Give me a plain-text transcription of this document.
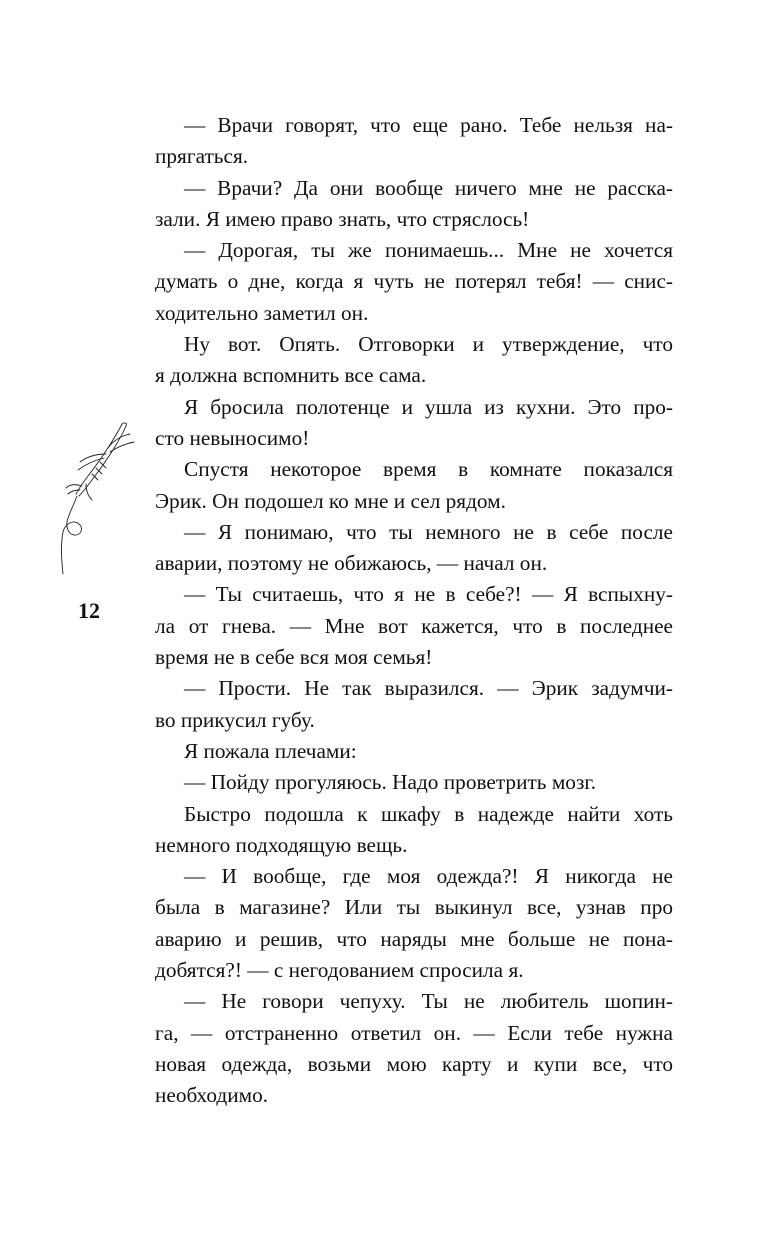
12

— Врачи говорят, что еще рано. Тебе нельзя на-
прягаться.

— Врачи? Да они вообще ничего мне не расска-
зали. Я имею право знать, что стряслось!

— Дорогая, ты же понимаешь... Мне не хочется
думать о дне, когда я чуть не потерял тебя! — снис-
ходительно заметил он.

Ну вот. Опять. Отговорки и утверждение, что
я должна вспомнить все сама.

Я бросила полотенце и ушла из кухни. Это про-
сто невыносимо!

Спустя некоторое время в комнате показался
Эрик. Он подошел ко мне и сел рядом.

— Я понимаю, что ты немного не в себе после
аварии, поэтому не обижаюсь, — начал он.

— Ты считаешь, что я не в себе?! — Я вспыхну-
ла от гнева. — Мне вот кажется, что в последнее
время не в себе вся моя семья!

— Прости. Не так выразился. — Эрик задумчи-
во прикусил губу.

Я пожала плечами:

— Пойду прогуляюсь. Надо проветрить мозг.

Быстро подошла к шкафу в надежде найти хоть
немного подходящую вещь.

— И вообще, где моя одежда?! Я никогда не
была в магазине? Или ты выкинул все, узнав про
аварию и решив, что наряды мне больше не пона-
добятся?! — с негодованием спросила я.

— Не говори чепуху. Ты не любитель шопин-
га, — отстраненно ответил он. — Если тебе нужна
новая одежда, возьми мою карту и купи все, что
необходимо.
